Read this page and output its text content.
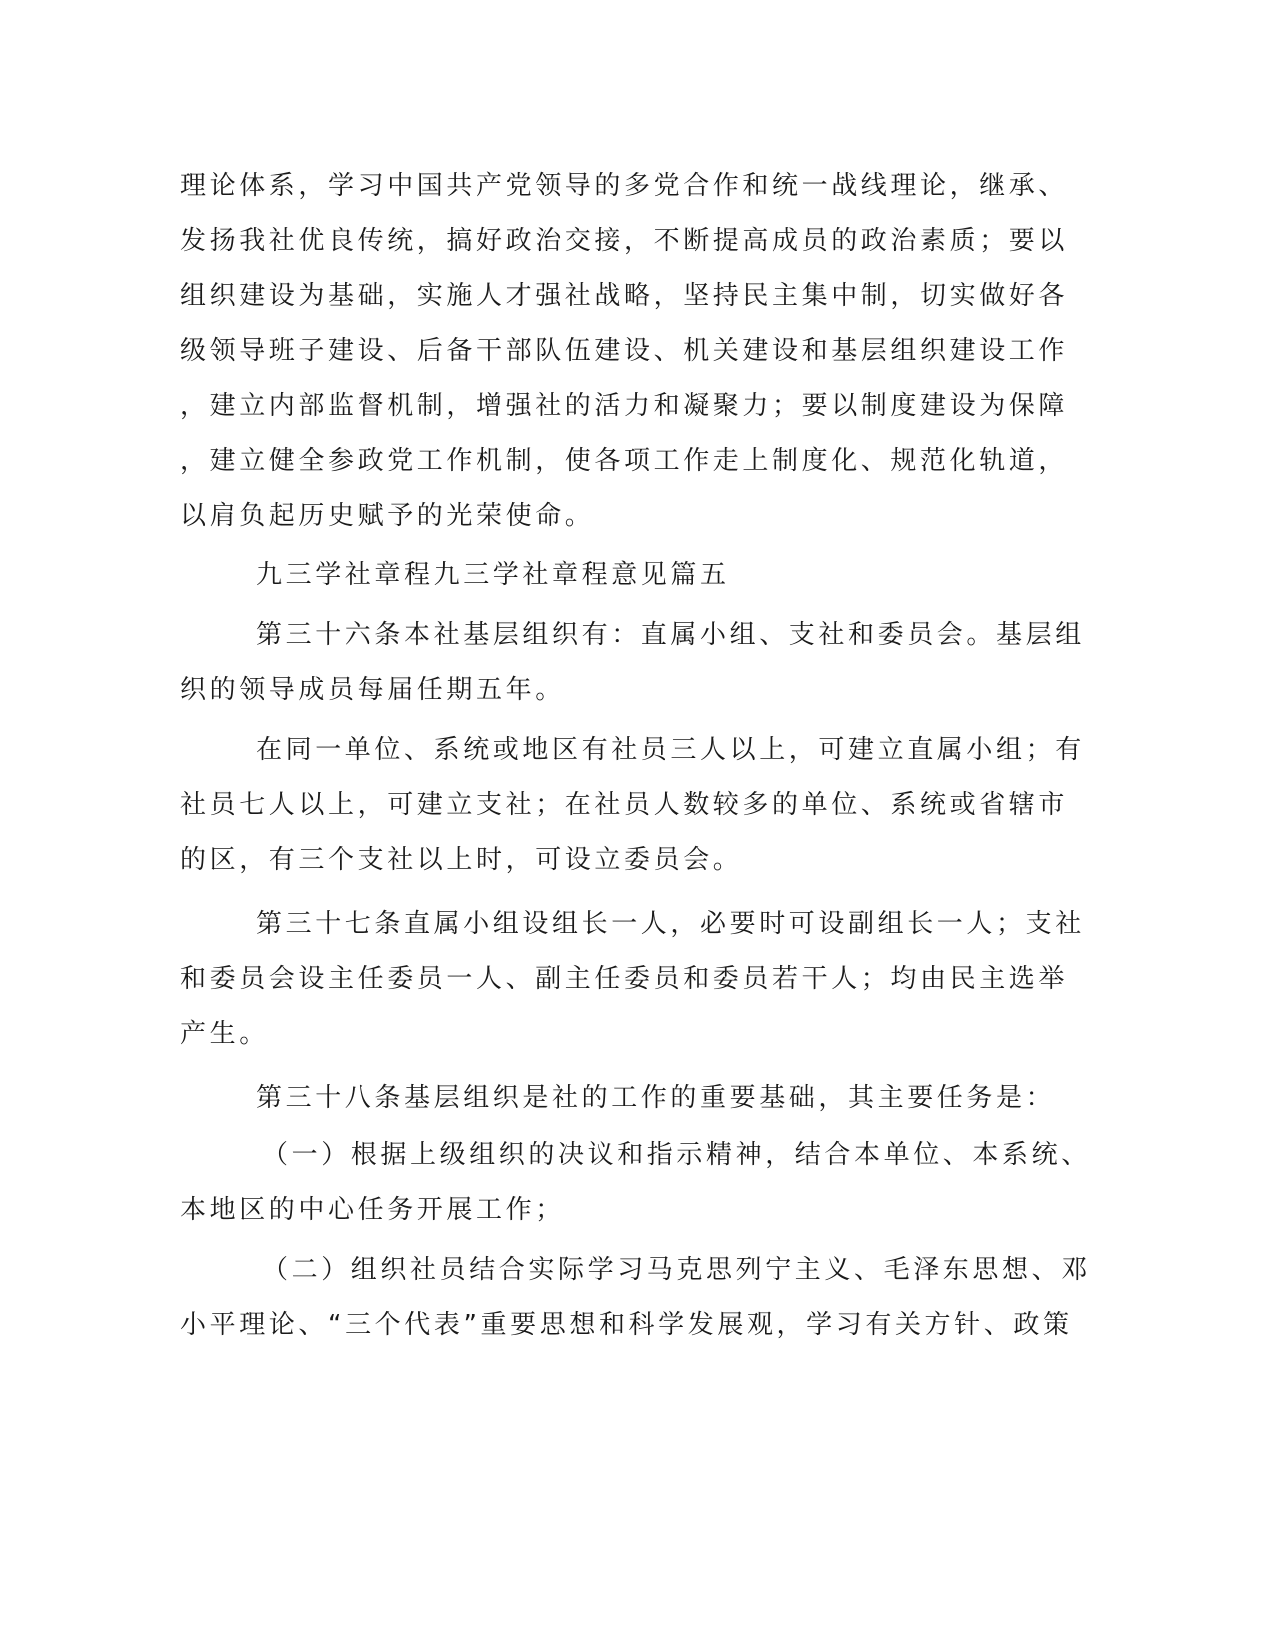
理论体系，学习中国共产党领导的多党合作和统一战线理论，继承、

发扬我社优良传统，搞好政治交接，不断提高成员的政治素质；要以

组织建设为基础，实施人才强社战略，坚持民主集中制，切实做好各

级领导班子建设、后备干部队伍建设、机关建设和基层组织建设工作

，建立内部监督机制，增强社的活力和凝聚力；要以制度建设为保障

，建立健全参政党工作机制，使各项工作走上制度化、规范化轨道，

以肩负起历史赋予的光荣使命。

九三学社章程九三学社章程意见篇五

第三十六条本社基层组织有：直属小组、支社和委员会。基层组

织的领导成员每届任期五年。

在同一单位、系统或地区有社员三人以上，可建立直属小组；有

社员七人以上，可建立支社；在社员人数较多的单位、系统或省辖市

的区，有三个支社以上时，可设立委员会。

第三十七条直属小组设组长一人，必要时可设副组长一人；支社

和委员会设主任委员一人、副主任委员和委员若干人；均由民主选举

产生。

第三十八条基层组织是社的工作的重要基础，其主要任务是：

（一）根据上级组织的决议和指示精神，结合本单位、本系统、

本地区的中心任务开展工作；

（二）组织社员结合实际学习马克思列宁主义、毛泽东思想、邓

小平理论、“三个代表”重要思想和科学发展观，学习有关方针、政策
